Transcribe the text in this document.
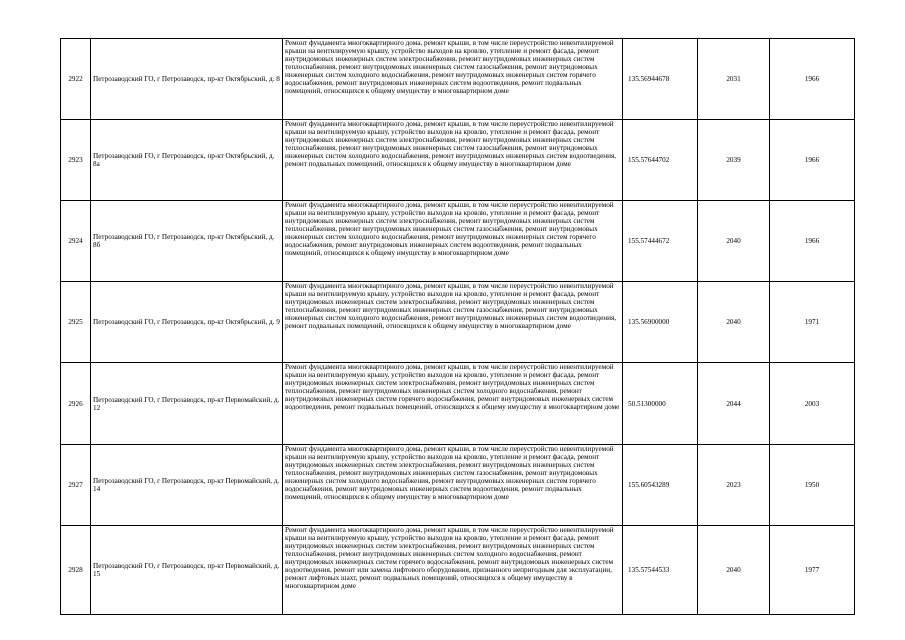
2922	Петрозаводский ГО, г Петрозаводск, пр-кт Октябрьский, д. 8	Ремонт фундамента многоквартирного дома, ремонт крыши, в том числе переустройство невентилируемой крыши на вентилируемую крышу, устройство выходов на кровлю, утепление и ремонт фасада, ремонт внутридомовых инженерных систем электроснабжения, ремонт внутридомовых инженерных систем теплоснабжения, ремонт внутридомовых инженерных систем газоснабжения, ремонт внутридомовых инженерных систем холодного водоснабжения, ремонт внутридомовых инженерных систем горячего водоснабжения, ремонт внутридомовых инженерных систем водоотведения, ремонт подвальных помещений, относящихся к общему имуществу в многоквартирном доме	135.56944678	2031	1966
2923	Петрозаводский ГО, г Петрозаводск, пр-кт Октябрьский, д. 8а	Ремонт фундамента многоквартирного дома, ремонт крыши, в том числе переустройство невентилируемой крыши на вентилируемую крышу, устройство выходов на кровлю, утепление и ремонт фасада, ремонт внутридомовых инженерных систем электроснабжения, ремонт внутридомовых инженерных систем теплоснабжения, ремонт внутридомовых инженерных систем газоснабжения, ремонт внутридомовых инженерных систем холодного водоснабжения, ремонт внутридомовых инженерных систем водоотведения, ремонт подвальных помещений, относящихся к общему имуществу в многоквартирном доме	155.57644702	2039	1966
2924	Петрозаводский ГО, г Петрозаводск, пр-кт Октябрьский, д. 8б	Ремонт фундамента многоквартирного дома, ремонт крыши, в том числе переустройство невентилируемой крыши на вентилируемую крышу, устройство выходов на кровлю, утепление и ремонт фасада, ремонт внутридомовых инженерных систем электроснабжения, ремонт внутридомовых инженерных систем теплоснабжения, ремонт внутридомовых инженерных систем газоснабжения, ремонт внутридомовых инженерных систем холодного водоснабжения, ремонт внутридомовых инженерных систем горячего водоснабжения, ремонт внутридомовых инженерных систем водоотведения, ремонт подвальных помещений, относящихся к общему имуществу в многоквартирном доме	155.57444672	2040	1966
2925	Петрозаводский ГО, г Петрозаводск, пр-кт Октябрьский, д. 9	Ремонт фундамента многоквартирного дома, ремонт крыши, в том числе переустройство невентилируемой крыши на вентилируемую крышу, устройство выходов на кровлю, утепление и ремонт фасада, ремонт внутридомовых инженерных систем электроснабжения, ремонт внутридомовых инженерных систем теплоснабжения, ремонт внутридомовых инженерных систем газоснабжения, ремонт внутридомовых инженерных систем холодного водоснабжения, ремонт внутридомовых инженерных систем водоотведения, ремонт подвальных помещений, относящихся к общему имуществу в многоквартирном доме	135.56900000	2040	1971
2926	Петрозаводский ГО, г Петрозаводск, пр-кт Первомайский, д. 12	Ремонт фундамента многоквартирного дома, ремонт крыши, в том числе переустройство невентилируемой крыши на вентилируемую крышу, устройство выходов на кровлю, утепление и ремонт фасада, ремонт внутридомовых инженерных систем электроснабжения, ремонт внутридомовых инженерных систем теплоснабжения, ремонт внутридомовых инженерных систем холодного водоснабжения, ремонт внутридомовых инженерных систем горячего водоснабжения, ремонт внутридомовых инженерных систем водоотведения, ремонт подвальных помещений, относящихся к общему имуществу в многоквартирном доме	50.51300000	2044	2003
2927	Петрозаводский ГО, г Петрозаводск, пр-кт Первомайский, д. 14	Ремонт фундамента многоквартирного дома, ремонт крыши, в том числе переустройство невентилируемой крыши на вентилируемую крышу, устройство выходов на кровлю, утепление и ремонт фасада, ремонт внутридомовых инженерных систем электроснабжения, ремонт внутридомовых инженерных систем теплоснабжения, ремонт внутридомовых инженерных систем газоснабжения, ремонт внутридомовых инженерных систем холодного водоснабжения, ремонт внутридомовых инженерных систем горячего водоснабжения, ремонт внутридомовых инженерных систем водоотведения, ремонт подвальных помещений, относящихся к общему имуществу в многоквартирном доме	155.60543289	2023	1950
2928	Петрозаводский ГО, г Петрозаводск, пр-кт Первомайский, д. 15	Ремонт фундамента многоквартирного дома, ремонт крыши, в том числе переустройство невентилируемой крыши на вентилируемую крышу, устройство выходов на кровлю, утепление и ремонт фасада, ремонт внутридомовых инженерных систем электроснабжения, ремонт внутридомовых инженерных систем теплоснабжения, ремонт внутридомовых инженерных систем холодного водоснабжения, ремонт внутридомовых инженерных систем горячего водоснабжения, ремонт внутридомовых инженерных систем водоотведения, ремонт или замена лифтового оборудования, признанного непригодным для эксплуатации, ремонт лифтовых шахт, ремонт подвальных помещений, относящихся к общему имуществу в многоквартирном доме	135.57544533	2040	1977
